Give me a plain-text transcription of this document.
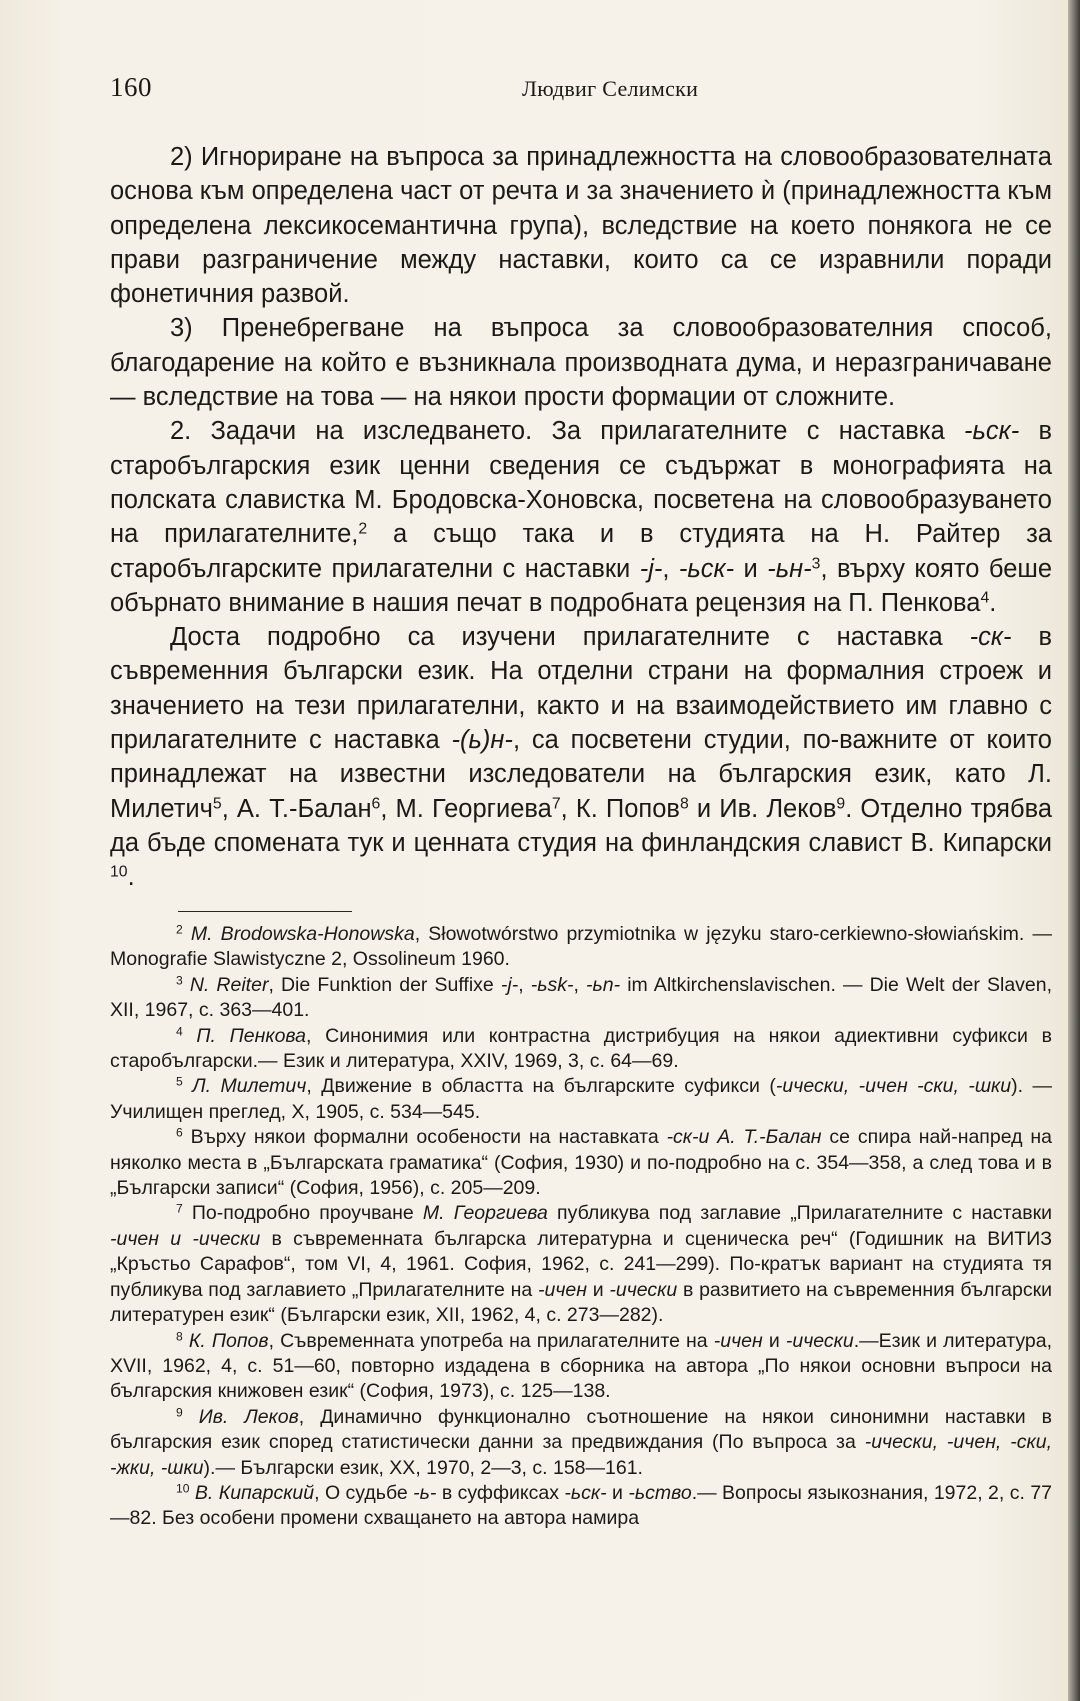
160	Людвиг Селимски

2) Игнориране на въпроса за принадлежността на словообразователната основа към определена част от речта и за значението ѝ (принадлежността към определена лексикосемантична група), вследствие на което понякога не се прави разграничение между наставки, които са се изравнили поради фонетичния развой.

3) Пренебрегване на въпроса за словообразователния способ, благодарение на който е възникнала производната дума, и неразграничаване — вследствие на това — на някои прости формации от сложните.

2. Задачи на изследването. За прилагателните с наставка -ьск- в старобългарския език ценни сведения се съдържат в монографията на полската славистка М. Бродовска-Хоновска, посветена на словообразуването на прилагателните,$^2$ а също така и в студията на Н. Райтер за старобългарските прилагателни с наставки -j-, -ьск- и -ьн-$^3$, върху която беше обърнато внимание в нашия печат в подробната рецензия на П. Пенкова$^4$.

Доста подробно са изучени прилагателните с наставка -ск- в съвременния български език. На отделни страни на формалния строеж и значението на тези прилагателни, както и на взаимодействието им главно с прилагателните с наставка -(ь)н-, са посветени студии, по-важните от които принадлежат на известни изследователи на българския език, като Л. Милетич$^5$, А. Т.-Балан$^6$, М. Георгиева$^7$, К. Попов$^8$ и Ив. Леков$^9$. Отделно трябва да бъде спомената тук и ценната студия на финландския славист В. Кипарски $^{10}$.

$^2$ M. Brodowska-Honowska, Słowotwórstwo przymiotnika w języku staro-cerkiewno-słowiańskim. — Monografie Slawistyczne 2, Ossolineum 1960.

$^3$ N. Reiter, Die Funktion der Suffixe -j-, -ьsk-, -ьn- im Altkirchenslavischen. — Die Welt der Slaven, XII, 1967, с. 363—401.

$^4$ П. Пенкова, Синонимия или контрастна дистрибуция на някои адиективни суфикси в старобългарски.— Език и литература, XXIV, 1969, 3, с. 64—69.

$^5$ Л. Милетич, Движение в областта на българските суфикси (-ически, -ичен -ски, -шки). — Училищен преглед, X, 1905, с. 534—545.

$^6$ Върху някои формални особености на наставката -ск-и А. Т.-Балан се спира най-напред на няколко места в „Българската граматика“ (София, 1930) и по-подробно на с. 354—358, а след това и в „Български записи“ (София, 1956), с. 205—209.

$^7$ По-подробно проучване М. Георгиева публикува под заглавие „Прилагателните с наставки -ичен и -ически в съвременната българска литературна и сценическа реч“ (Годишник на ВИТИЗ „Кръстьо Сарафов“, том VI, 4, 1961. София, 1962, с. 241—299). По-кратък вариант на студията тя публикува под заглавието „Прилагателните на -ичен и -ически в развитието на съвременния български литературен език“ (Български език, XII, 1962, 4, с. 273—282).

$^8$ К. Попов, Съвременната употреба на прилагателните на -ичен и -ически.—Език и литература, XVII, 1962, 4, с. 51—60, повторно издадена в сборника на автора „По някои основни въпроси на българския книжовен език“ (София, 1973), с. 125—138.

$^9$ Ив. Леков, Динамично функционално съотношение на някои синонимни наставки в българския език според статистически данни за предвиждания (По въпроса за -ически, -ичен, -ски, -жки, -шки).— Български език, XX, 1970, 2—3, с. 158—161.

$^{10}$ В. Кипарский, О судьбе -ь- в суффиксах -ьск- и -ьство.— Вопросы языкознания, 1972, 2, с. 77—82. Без особени промени схващането на автора намира
